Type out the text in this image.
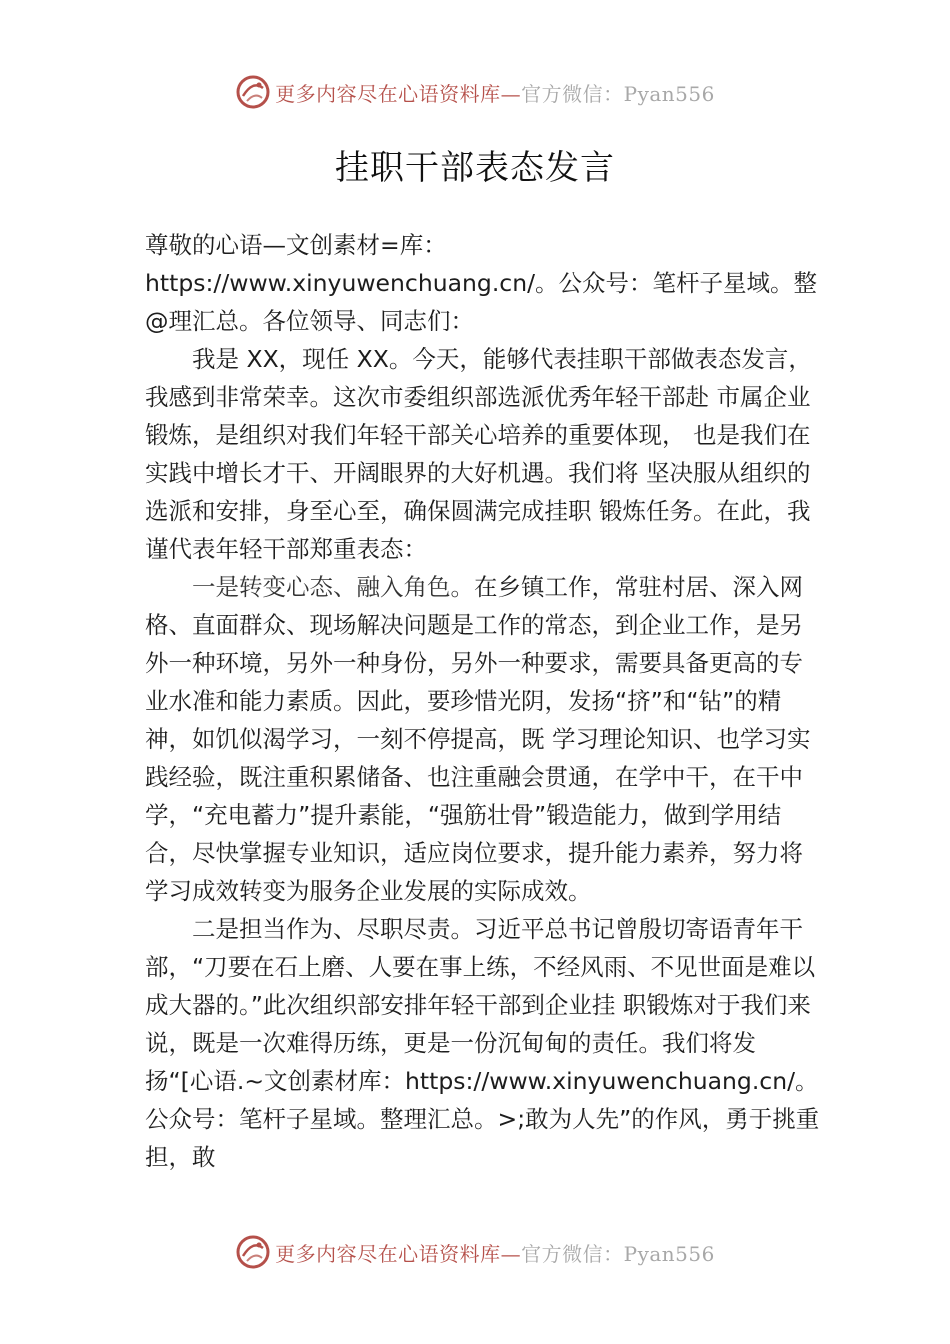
更多内容尽在心语资料库—官方微信：Pyan556
挂职干部表态发言

尊敬的心语—文创素材=库：https://www.xinyuwenchuang.cn/。公众号：笔杆子星域。整@理汇总。各位领导、同志们：

我是 XX，现任 XX。今天，能够代表挂职干部做表态发言，我感到非常荣幸。这次市委组织部选派优秀年轻干部赴 市属企业锻炼，是组织对我们年轻干部关心培养的重要体现， 也是我们在实践中增长才干、开阔眼界的大好机遇。我们将 坚决服从组织的选派和安排，身至心至，确保圆满完成挂职 锻炼任务。在此，我谨代表年轻干部郑重表态：

一是转变心态、融入角色。在乡镇工作，常驻村居、深入网格、直面群众、现场解决问题是工作的常态，到企业工作，是另外一种环境，另外一种身份，另外一种要求，需要具备更高的专业水准和能力素质。因此，要珍惜光阴，发扬“挤”和“钻”的精神，如饥似渴学习，一刻不停提高，既 学习理论知识、也学习实践经验，既注重积累储备、也注重融会贯通，在学中干，在干中学，“充电蓄力”提升素能，“强筋壮骨”锻造能力，做到学用结合，尽快掌握专业知识，适应岗位要求，提升能力素养，努力将学习成效转变为服务企业发展的实际成效。

二是担当作为、尽职尽责。习近平总书记曾殷切寄语青年干部，“刀要在石上磨、人要在事上练，不经风雨、不见世面是难以成大器的。”此次组织部安排年轻干部到企业挂 职锻炼对于我们来说，既是一次难得历练，更是一份沉甸甸的责任。我们将发扬“[心语.~文创素材库：https://www.xinyuwenchuang.cn/。公众号：笔杆子星域。整理汇总。>;敢为人先”的作风，勇于挑重担，敢

更多内容尽在心语资料库—官方微信：Pyan556
